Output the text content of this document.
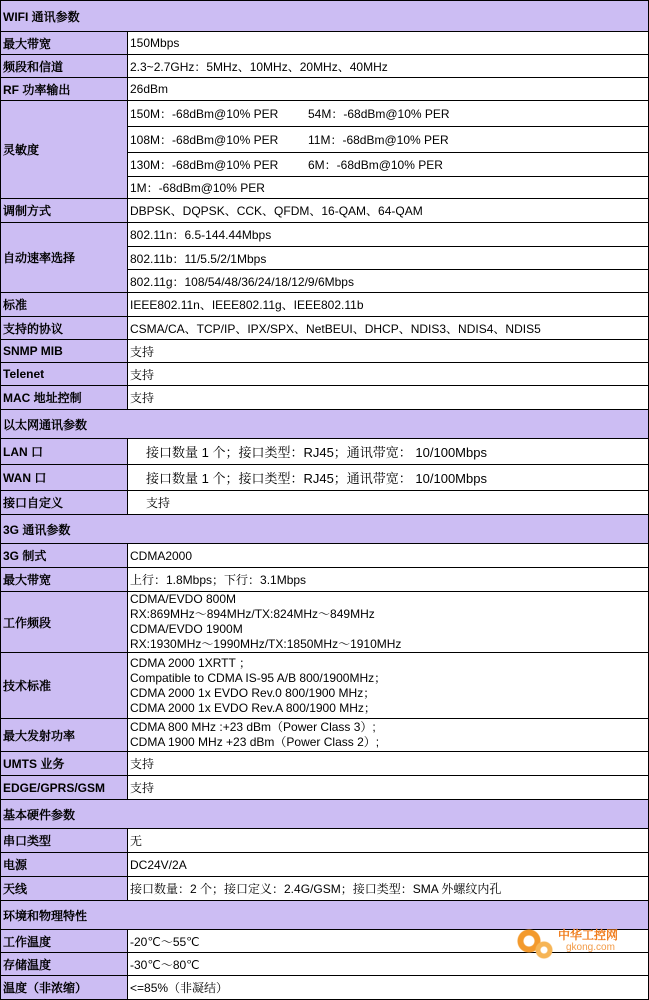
WIFI 通讯参数	
最大带宽	150Mbps
频段和信道	2.3~2.7GHz：5MHz、10MHz、20MHz、40MHz
RF 功率输出	26dBm
灵敏度	150M：-68dBm@10% PER 54M：-68dBm@10% PER
	108M：-68dBm@10% PER 11M：-68dBm@10% PER
	130M：-68dBm@10% PER 6M：-68dBm@10% PER
	1M：-68dBm@10% PER
调制方式	DBPSK、DQPSK、CCK、QFDM、16-QAM、64-QAM
自动速率选择	802.11n：6.5-144.44Mbps
	802.11b：11/5.5/2/1Mbps
	802.11g：108/54/48/36/24/18/12/9/6Mbps
标准	IEEE802.11n、IEEE802.11g、IEEE802.11b
支持的协议	CSMA/CA、TCP/IP、IPX/SPX、NetBEUI、DHCP、NDIS3、NDIS4、NDIS5
SNMP MIB	支持
Telenet	支持
MAC 地址控制	支持
以太网通讯参数	
LAN 口	接口数量 1 个；接口类型：RJ45；通讯带宽： 10/100Mbps
WAN 口	接口数量 1 个；接口类型：RJ45；通讯带宽： 10/100Mbps
接口自定义	支持
3G 通讯参数	
3G 制式	CDMA2000
最大带宽	上行：1.8Mbps；下行：3.1Mbps
工作频段	CDMA/EVDO 800M
RX:869MHz～894MHz/TX:824MHz～849MHz
CDMA/EVDO 1900M
RX:1930MHz～1990MHz/TX:1850MHz～1910MHz

技术标准	CDMA 2000 1XRTT ；
Compatible to CDMA IS-95 A/B 800/1900MHz；
CDMA 2000 1x EVDO Rev.0 800/1900 MHz；
CDMA 2000 1x EVDO Rev.A 800/1900 MHz；

最大发射功率	CDMA 800 MHz :+23 dBm（Power Class 3）;
CDMA 1900 MHz +23 dBm（Power Class 2）;

UMTS 业务	支持
EDGE/GPRS/GSM	支持
基本硬件参数	
串口类型	无
电源	DC24V/2A
天线	接口数量：2 个；接口定义：2.4G/GSM；接口类型：SMA 外螺纹内孔
环境和物理特性	
工作温度	-20℃～55℃
存储温度	-30℃～80℃
温度（非浓缩）	<=85%（非凝结）
中华工控网
gkong.com
